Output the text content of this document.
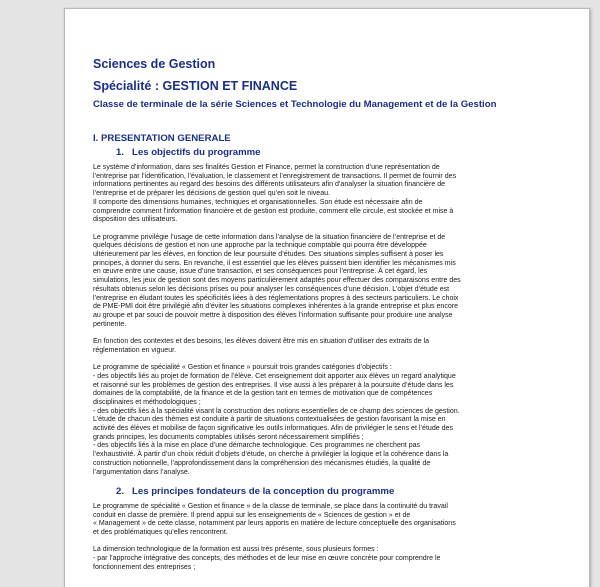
Sciences de Gestion
Spécialité : GESTION ET FINANCE
Classe de terminale de la série Sciences et Technologie du Management et de la Gestion
I. PRESENTATION GENERALE
1. Les objectifs du programme
Le système d’information, dans ses finalités Gestion et Finance, permet la construction d’une représentation de
l’entreprise par l’identification, l’évaluation, le classement et l’enregistrement de transactions. Il permet de fournir des
informations pertinentes au regard des besoins des différents utilisateurs afin d’analyser la situation financière de
l’entreprise et de préparer les décisions de gestion quel qu’en soit le niveau.
Il comporte des dimensions humaines, techniques et organisationnelles. Son étude est nécessaire afin de
comprendre comment l’information financière et de gestion est produite, comment elle circule, est stockée et mise à
disposition des utilisateurs.
Le programme privilégie l’usage de cette information dans l’analyse de la situation financière de l’entreprise et de
quelques décisions de gestion et non une approche par la technique comptable qui pourra être développée
ultérieurement par les élèves, en fonction de leur poursuite d’études. Des situations simples suffisent à poser les
principes, à donner du sens. En revanche, il est essentiel que les élèves puissent bien identifier les mécanismes mis
en œuvre entre une cause, issue d’une transaction, et ses conséquences pour l’entreprise. À cet égard, les
simulations, les jeux de gestion sont des moyens particulièrement adaptés pour effectuer des comparaisons entre des
résultats obtenus selon les décisions prises ou pour analyser les conséquences d’une décision. L’objet d’étude est
l’entreprise en éludant toutes les spécificités liées à des réglementations propres à des secteurs particuliers. Le choix
de PME-PMI doit être privilégié afin d’éviter les situations complexes inhérentes à la grande entreprise et plus encore
au groupe et par souci de pouvoir mettre à disposition des élèves l’information suffisante pour produire une analyse
pertinente.
En fonction des contextes et des besoins, les élèves doivent être mis en situation d’utiliser des extraits de la
réglementation en vigueur.
Le programme de spécialité « Gestion et finance » poursuit trois grandes catégories d’objectifs :
- des objectifs liés au projet de formation de l’élève. Cet enseignement doit apporter aux élèves un regard analytique
et raisonné sur les problèmes de gestion des entreprises. Il vise aussi à les préparer à la poursuite d’étude dans les
domaines de la comptabilité, de la finance et de la gestion tant en termes de motivation que de compétences
disciplinaires et méthodologiques ;
- des objectifs liés à la spécialité visant la construction des notions essentielles de ce champ des sciences de gestion.
L’étude de chacun des thèmes est conduite à partir de situations contextualisées de gestion favorisant la mise en
activité des élèves et mobilise de façon significative les outils informatiques. Afin de privilégier le sens et l’étude des
grands principes, les documents comptables utilisés seront nécessairement simplifiés ;
- des objectifs liés à la mise en place d’une démarche technologique. Ces programmes ne cherchent pas
l’exhaustivité. À partir d’un choix réduit d’objets d’étude, on cherche à privilégier la logique et la cohérence dans la
construction notionnelle, l’approfondissement dans la compréhension des mécanismes étudiés, la qualité de
l’argumentation dans l’analyse.
2. Les principes fondateurs de la conception du programme
Le programme de spécialité « Gestion et finance » de la classe de terminale, se place dans la continuité du travail
conduit en classe de première. Il prend appui sur les enseignements de « Sciences de gestion » et de
« Management » de cette classe, notamment par leurs apports en matière de lecture conceptuelle des organisations
et des problématiques qu’elles rencontrent.
La dimension technologique de la formation est aussi très présente, sous plusieurs formes :
- par l’approche intégrative des concepts, des méthodes et de leur mise en œuvre concrète pour comprendre le
fonctionnement des entreprises ;
